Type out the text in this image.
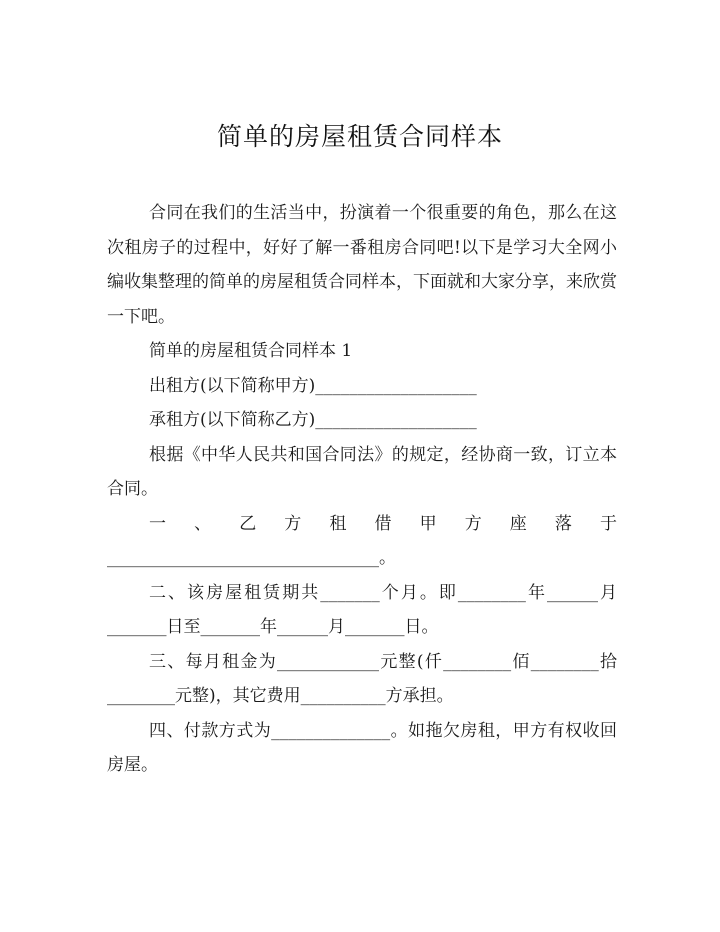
简单的房屋租赁合同样本

合同在我们的生活当中，扮演着一个很重要的角色，那么在这次租房子的过程中，好好了解一番租房合同吧!以下是学习大全网小编收集整理的简单的房屋租赁合同样本，下面就和大家分享，来欣赏一下吧。

简单的房屋租赁合同样本 1

出租方(以下简称甲方)___________________

承租方(以下简称乙方)___________________

根据《中华人民共和国合同法》的规定，经协商一致，订立本合同。

一、乙方租借甲方座落于________________________________。

二、该房屋租赁期共_______个月。即________年______月_______日至_______年______月_______日。

三、每月租金为____________元整(仟________佰________拾________元整)，其它费用__________方承担。

四、付款方式为______________。如拖欠房租，甲方有权收回房屋。
